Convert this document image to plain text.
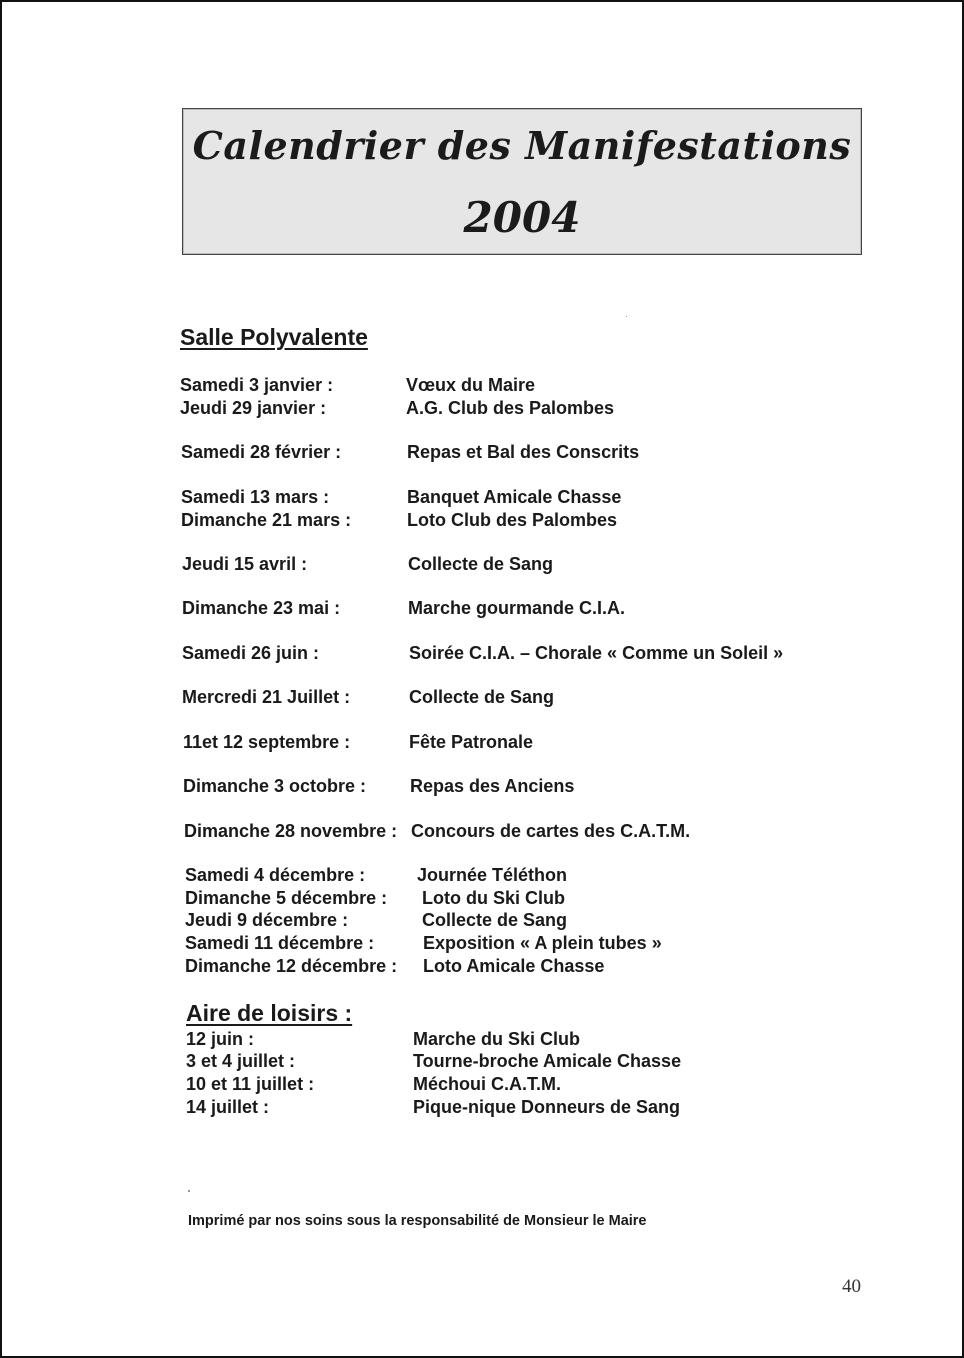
Calendrier des Manifestations
2004
Salle Polyvalente
Samedi 3 janvier :	Vœux du Maire
Jeudi 29 janvier :	A.G. Club des Palombes
Samedi 28 février :	Repas et Bal des Conscrits
Samedi 13 mars :	Banquet Amicale Chasse
Dimanche 21 mars :	Loto Club des Palombes
Jeudi 15 avril :	Collecte de Sang
Dimanche 23 mai :	Marche gourmande C.I.A.
Samedi 26 juin :	Soirée C.I.A. – Chorale « Comme un Soleil »
Mercredi 21 Juillet :	Collecte de Sang
11et 12 septembre :	Fête Patronale
Dimanche 3 octobre : Repas des Anciens
Dimanche 28 novembre : Concours de cartes des C.A.T.M.
Samedi 4 décembre :	Journée Téléthon
Dimanche 5 décembre : Loto du Ski Club
Jeudi 9 décembre :	Collecte de Sang
Samedi 11 décembre :	Exposition « A plein tubes »
Dimanche 12 décembre : Loto Amicale Chasse
Aire de loisirs :
12 juin :	Marche du Ski Club
3 et 4 juillet :	Tourne-broche Amicale Chasse
10 et 11 juillet :	Méchoui C.A.T.M.
14 juillet :	Pique-nique Donneurs de Sang
Imprimé par nos soins sous la responsabilité de Monsieur le Maire
40
